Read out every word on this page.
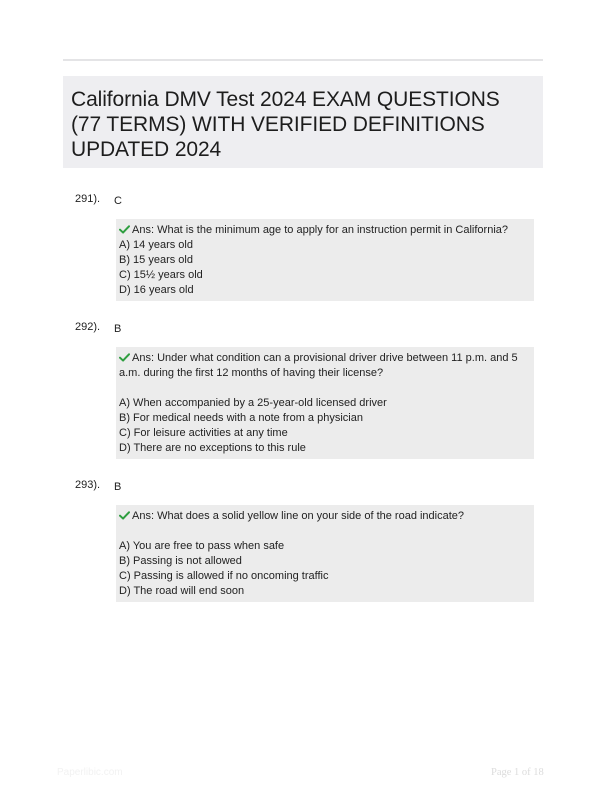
California DMV Test 2024 EXAM QUESTIONS (77 TERMS) WITH VERIFIED DEFINITIONS UPDATED 2024
291). C
Ans: What is the minimum age to apply for an instruction permit in California?
A) 14 years old
B) 15 years old
C) 15½ years old
D) 16 years old
292). B
Ans: Under what condition can a provisional driver drive between 11 p.m. and 5 a.m. during the first 12 months of having their license?
A) When accompanied by a 25-year-old licensed driver
B) For medical needs with a note from a physician
C) For leisure activities at any time
D) There are no exceptions to this rule
293). B
Ans: What does a solid yellow line on your side of the road indicate?
A) You are free to pass when safe
B) Passing is not allowed
C) Passing is allowed if no oncoming traffic
D) The road will end soon
Paperlibic.com	Page 1 of 18
